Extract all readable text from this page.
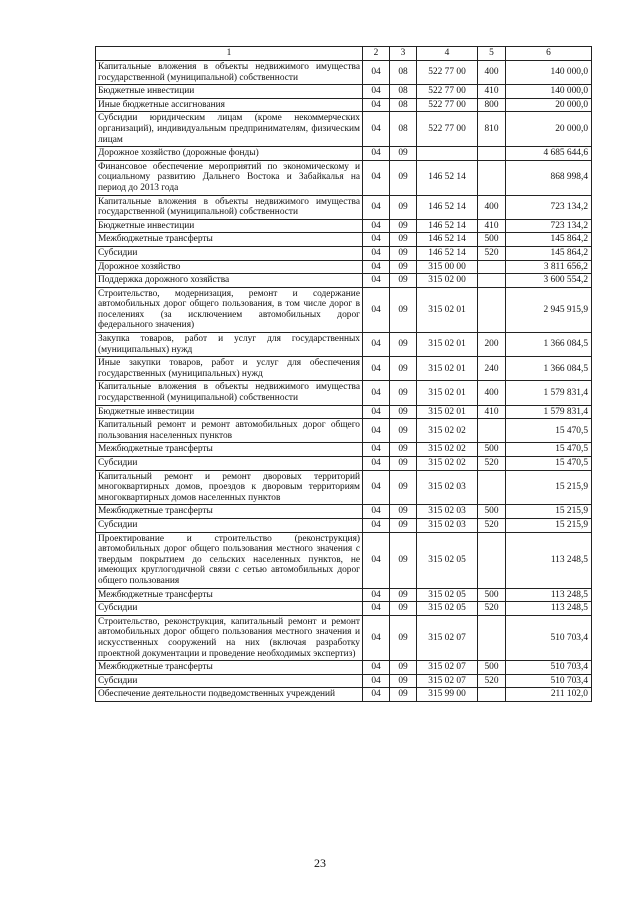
1	2	3	4	5	6
Капитальные вложения в объекты недвижимого имущества государственной (муниципальной) собственности	04	08	522 77 00	400	140 000,0
Бюджетные инвестиции	04	08	522 77 00	410	140 000,0
Иные бюджетные ассигнования	04	08	522 77 00	800	20 000,0
Субсидии юридическим лицам (кроме некоммерческих организаций), индивидуальным предпринимателям, физическим лицам	04	08	522 77 00	810	20 000,0
Дорожное хозяйство (дорожные фонды)	04	09			4 685 644,6
Финансовое обеспечение мероприятий по экономическому и социальному развитию Дальнего Востока и Забайкалья на период до 2013 года	04	09	146 52 14		868 998,4
Капитальные вложения в объекты недвижимого имущества государственной (муниципальной) собственности	04	09	146 52 14	400	723 134,2
Бюджетные инвестиции	04	09	146 52 14	410	723 134,2
Межбюджетные трансферты	04	09	146 52 14	500	145 864,2
Субсидии	04	09	146 52 14	520	145 864,2
Дорожное хозяйство	04	09	315 00 00		3 811 656,2
Поддержка дорожного хозяйства	04	09	315 02 00		3 600 554,2
Строительство, модернизация, ремонт и содержание автомобильных дорог общего пользования, в том числе дорог в поселениях (за исключением автомобильных дорог федерального значения)	04	09	315 02 01		2 945 915,9
Закупка товаров, работ и услуг для государственных (муниципальных) нужд	04	09	315 02 01	200	1 366 084,5
Иные закупки товаров, работ и услуг для обеспечения государственных (муниципальных) нужд	04	09	315 02 01	240	1 366 084,5
Капитальные вложения в объекты недвижимого имущества государственной (муниципальной) собственности	04	09	315 02 01	400	1 579 831,4
Бюджетные инвестиции	04	09	315 02 01	410	1 579 831,4
Капитальный ремонт и ремонт автомобильных дорог общего пользования населенных пунктов	04	09	315 02 02		15 470,5
Межбюджетные трансферты	04	09	315 02 02	500	15 470,5
Субсидии	04	09	315 02 02	520	15 470,5
Капитальный ремонт и ремонт дворовых территорий многоквартирных домов, проездов к дворовым территориям многоквартирных домов населенных пунктов	04	09	315 02 03		15 215,9
Межбюджетные трансферты	04	09	315 02 03	500	15 215,9
Субсидии	04	09	315 02 03	520	15 215,9
Проектирование и строительство (реконструкция) автомобильных дорог общего пользования местного значения с твердым покрытием до сельских населенных пунктов, не имеющих круглогодичной связи с сетью автомобильных дорог общего пользования	04	09	315 02 05		113 248,5
Межбюджетные трансферты	04	09	315 02 05	500	113 248,5
Субсидии	04	09	315 02 05	520	113 248,5
Строительство, реконструкция, капитальный ремонт и ремонт автомобильных дорог общего пользования местного значения и искусственных сооружений на них (включая разработку проектной документации и проведение необходимых экспертиз)	04	09	315 02 07		510 703,4
Межбюджетные трансферты	04	09	315 02 07	500	510 703,4
Субсидии	04	09	315 02 07	520	510 703,4
Обеспечение деятельности подведомственных учреждений	04	09	315 99 00		211 102,0
23
